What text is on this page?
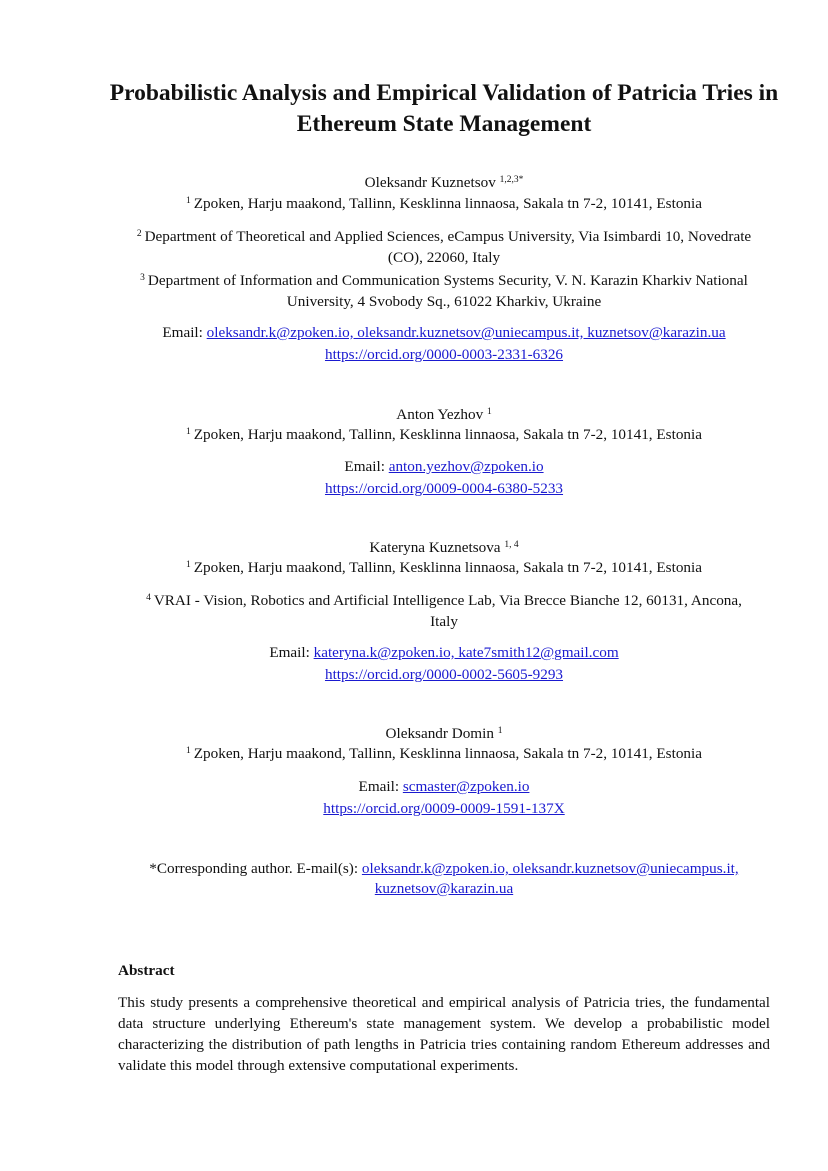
Probabilistic Analysis and Empirical Validation of Patricia Tries in Ethereum State Management
Oleksandr Kuznetsov $^{1,2,3*}$
$^1$ Zpoken, Harju maakond, Tallinn, Kesklinna linnaosa, Sakala tn 7-2, 10141, Estonia
$^2$ Department of Theoretical and Applied Sciences, eCampus University, Via Isimbardi 10, Novedrate (CO), 22060, Italy
$^3$ Department of Information and Communication Systems Security, V. N. Karazin Kharkiv National University, 4 Svobody Sq., 61022 Kharkiv, Ukraine
Email: oleksandr.k@zpoken.io, oleksandr.kuznetsov@uniecampus.it, kuznetsov@karazin.ua
https://orcid.org/0000-0003-2331-6326
Anton Yezhov $^1$
$^1$ Zpoken, Harju maakond, Tallinn, Kesklinna linnaosa, Sakala tn 7-2, 10141, Estonia
Email: anton.yezhov@zpoken.io
https://orcid.org/0009-0004-6380-5233
Kateryna Kuznetsova $^{1, 4}$
$^1$ Zpoken, Harju maakond, Tallinn, Kesklinna linnaosa, Sakala tn 7-2, 10141, Estonia
$^4$ VRAI - Vision, Robotics and Artificial Intelligence Lab, Via Brecce Bianche 12, 60131, Ancona, Italy
Email: kateryna.k@zpoken.io, kate7smith12@gmail.com
https://orcid.org/0000-0002-5605-9293
Oleksandr Domin $^1$
$^1$ Zpoken, Harju maakond, Tallinn, Kesklinna linnaosa, Sakala tn 7-2, 10141, Estonia
Email: scmaster@zpoken.io
https://orcid.org/0009-0009-1591-137X
*Corresponding author. E-mail(s): oleksandr.k@zpoken.io, oleksandr.kuznetsov@uniecampus.it,
kuznetsov@karazin.ua
Abstract
This study presents a comprehensive theoretical and empirical analysis of Patricia tries, the fundamental data structure underlying Ethereum's state management system. We develop a probabilistic model characterizing the distribution of path lengths in Patricia tries containing random Ethereum addresses and validate this model through extensive computational experiments.
